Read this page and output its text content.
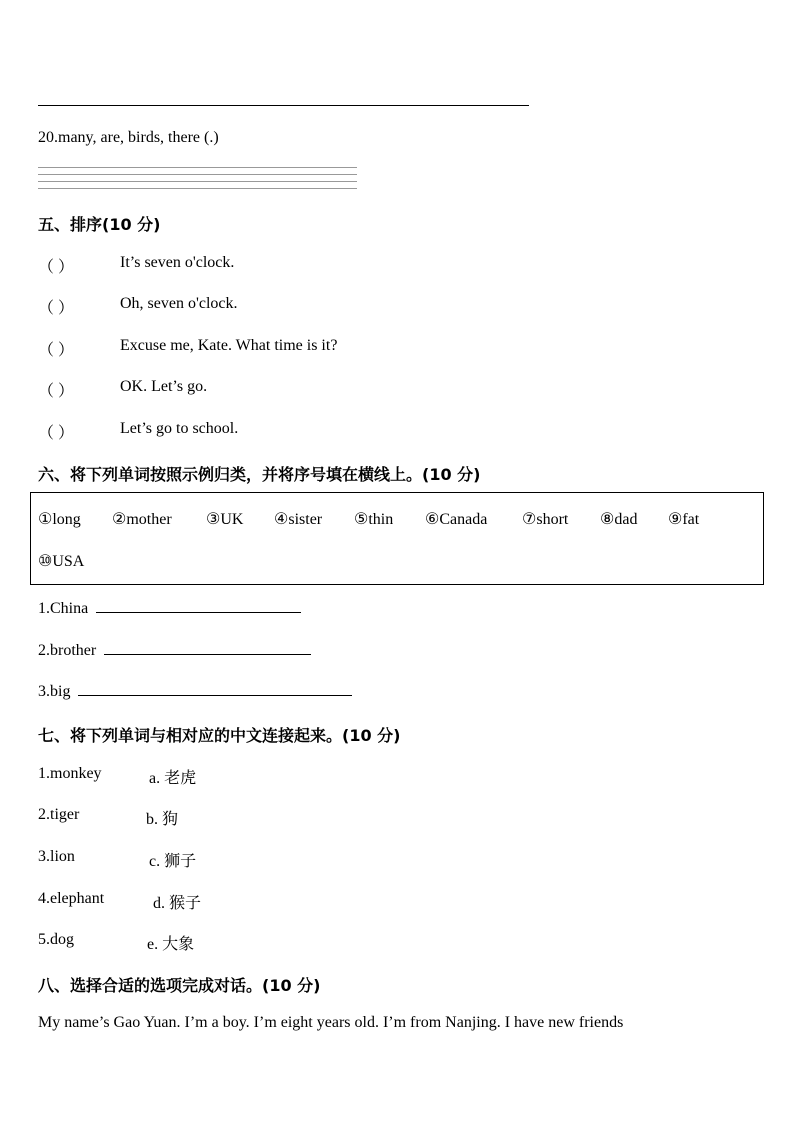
20.many, are, birds, there (.)
五、排序(10 分)
（ ）	It’s seven o'clock.
（ ）	Oh, seven o'clock.
（ ）	Excuse me, Kate. What time is it?
（ ）	OK. Let’s go.
（ ）	Let’s go to school.
六、将下列单词按照示例归类，并将序号填在横线上。(10 分)
①long ②mother ③UK ④sister ⑤thin ⑥Canada ⑦short ⑧dad ⑨fat
⑩USA
1.China
2.brother
3.big
七、将下列单词与相对应的中文连接起来。(10 分)
1.monkey	a. 老虎
2.tiger	b. 狗
3.lion	c. 狮子
4.elephant	d. 猴子
5.dog	e. 大象
八、选择合适的选项完成对话。(10 分)
My name’s Gao Yuan. I’m a boy. I’m eight years old. I’m from Nanjing. I have new friends
